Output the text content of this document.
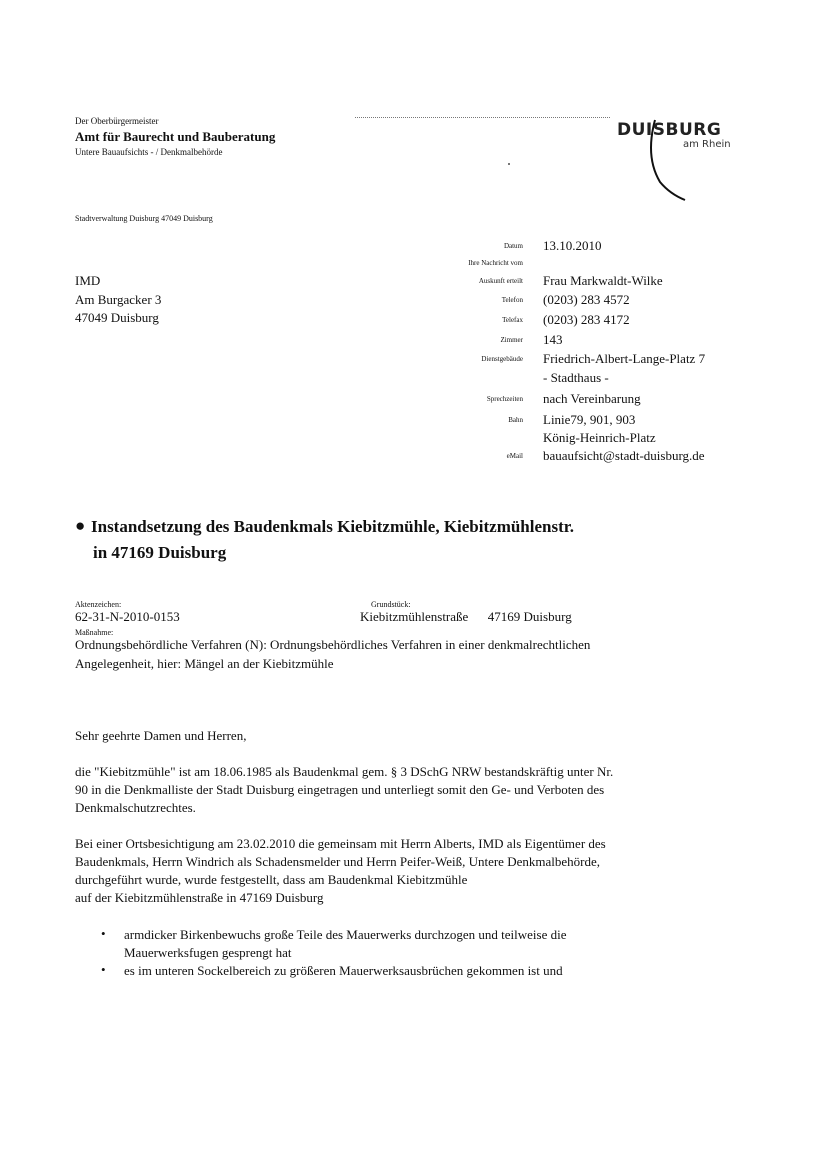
Der Oberbürgermeister
Amt für Baurecht und Bauberatung
Untere Bauaufsichts - / Denkmalbehörde
DUISBURG
am Rhein
Stadtverwaltung Duisburg 47049 Duisburg
IMD
Am Burgacker 3
47049 Duisburg
Datum 13.10.2010
Ihre Nachricht vom
Auskunft erteilt Frau Markwaldt-Wilke
Telefon (0203) 283 4572
Telefax (0203) 283 4172
Zimmer 143
Dienstgebäude Friedrich-Albert-Lange-Platz 7
- Stadthaus -
Sprechzeiten nach Vereinbarung
Bahn Linie79, 901, 903
König-Heinrich-Platz
eMail bauaufsicht@stadt-duisburg.de
● Instandsetzung des Baudenkmals Kiebitzmühle, Kiebitzmühlenstr.
in 47169 Duisburg
Aktenzeichen:
62-31-N-2010-0153
Grundstück:
Kiebitzmühlenstraße      47169 Duisburg
Maßnahme:
Ordnungsbehördliche Verfahren (N): Ordnungsbehördliches Verfahren in einer denkmalrechtlichen
Angelegenheit, hier: Mängel an der Kiebitzmühle
Sehr geehrte Damen und Herren,
die "Kiebitzmühle" ist am 18.06.1985 als Baudenkmal gem. § 3 DSchG NRW bestandskräftig unter Nr.
90 in die Denkmalliste der Stadt Duisburg eingetragen und unterliegt somit den Ge- und Verboten des
Denkmalschutzrechtes.
Bei einer Ortsbesichtigung am 23.02.2010 die gemeinsam mit Herrn Alberts, IMD als Eigentümer des
Baudenkmals, Herrn Windrich als Schadensmelder und Herrn Peifer-Weiß, Untere Denkmalbehörde,
durchgeführt wurde, wurde festgestellt, dass am Baudenkmal Kiebitzmühle
auf der Kiebitzmühlenstraße in 47169 Duisburg
• armdicker Birkenbewuchs große Teile des Mauerwerks durchzogen und teilweise die
Mauerwerksfugen gesprengt hat
• es im unteren Sockelbereich zu größeren Mauerwerksausbrüchen gekommen ist und
